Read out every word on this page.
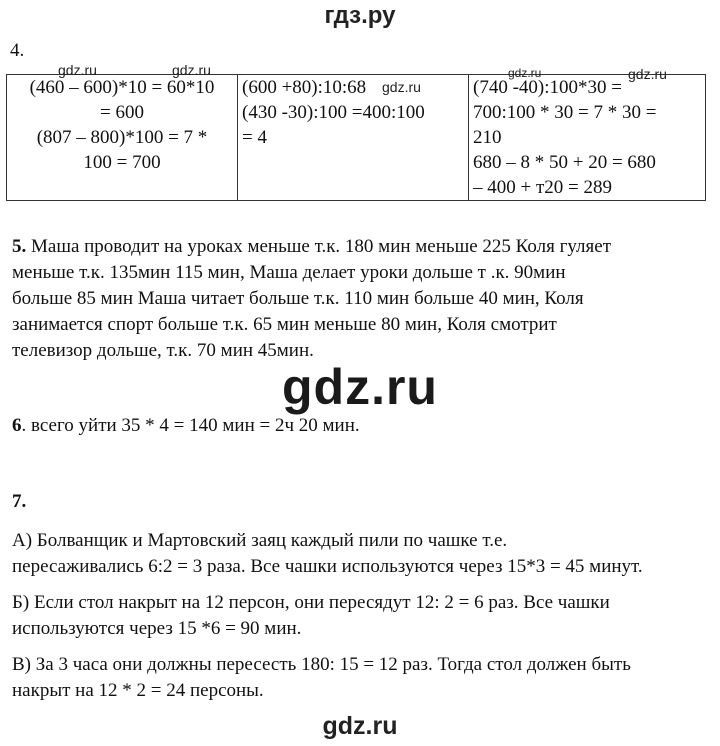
гдз.ру
4.
(460 – 600)*10 = 60*10
= 600
(807 – 800)*100 = 7 *
100 = 700

(600 +80):10:68
(430 -30):100 =400:100
= 4

(740 -40):100*30 =
700:100 * 30 = 7 * 30 =
210
680 – 8 * 50 + 20 = 680
– 400 + т20 = 289
gdz.ru	gdz.ru
gdz.ru
gdz.ru	gdz.ru
5. Маша проводит на уроках меньше т.к. 180 мин меньше 225 Коля гуляет
меньше т.к. 135мин 115 мин, Маша делает уроки дольше т .к. 90мин
больше 85 мин Маша читает больше т.к. 110 мин больше 40 мин, Коля
занимается спорт больше т.к. 65 мин меньше 80 мин, Коля смотрит
телевизор дольше, т.к. 70 мин 45мин.
gdz.ru
6. всего уйти 35 * 4 = 140 мин = 2ч 20 мин.
7.
А) Болванщик и Мартовский заяц каждый пили по чашке т.е.
пересаживались 6:2 = 3 раза. Все чашки используются через 15*3 = 45 минут.
Б) Если стол накрыт на 12 персон, они пересядут 12: 2 = 6 раз. Все чашки
используются через 15 *6 = 90 мин.
В) За 3 часа они должны пересесть 180: 15 = 12 раз. Тогда стол должен быть
накрыт на 12 * 2 = 24 персоны.
gdz.ru
